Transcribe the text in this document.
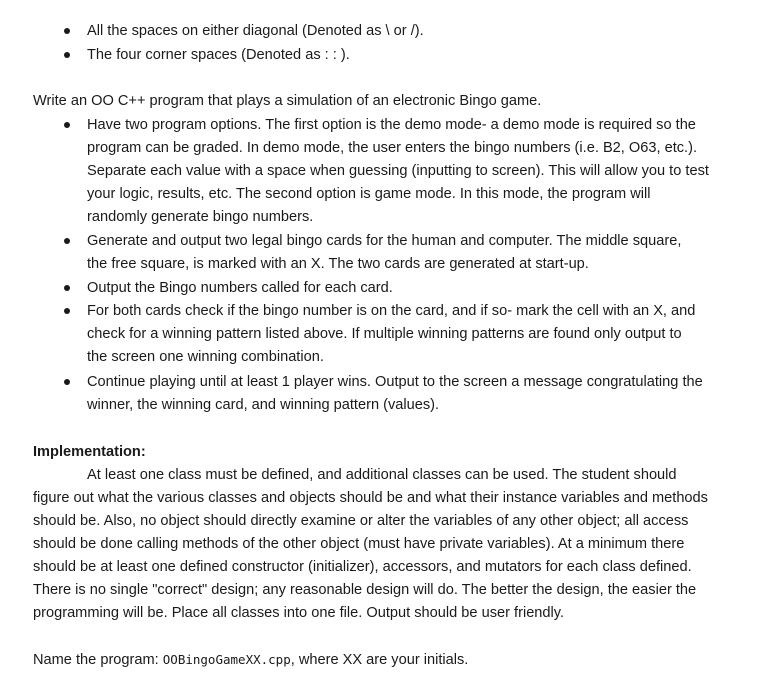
All the spaces on either diagonal (Denoted as \ or /).
The four corner spaces (Denoted as : : ).
Write an OO C++ program that plays a simulation of an electronic Bingo game.
Have two program options. The first option is the demo mode- a demo mode is required so the
program can be graded. In demo mode, the user enters the bingo numbers (i.e. B2, O63, etc.).
Separate each value with a space when guessing (inputting to screen). This will allow you to test
your logic, results, etc. The second option is game mode. In this mode, the program will
randomly generate bingo numbers.
Generate and output two legal bingo cards for the human and computer. The middle square,
the free square, is marked with an X. The two cards are generated at start-up.
Output the Bingo numbers called for each card.
For both cards check if the bingo number is on the card, and if so- mark the cell with an X, and
check for a winning pattern listed above. If multiple winning patterns are found only output to
the screen one winning combination.
Continue playing until at least 1 player wins. Output to the screen a message congratulating the
winner, the winning card, and winning pattern (values).
Implementation:
At least one class must be defined, and additional classes can be used. The student should
figure out what the various classes and objects should be and what their instance variables and methods
should be. Also, no object should directly examine or alter the variables of any other object; all access
should be done calling methods of the other object (must have private variables). At a minimum there
should be at least one defined constructor (initializer), accessors, and mutators for each class defined.
There is no single "correct" design; any reasonable design will do. The better the design, the easier the
programming will be. Place all classes into one file. Output should be user friendly.
Name the program: OOBingoGameXX.cpp, where XX are your initials.
